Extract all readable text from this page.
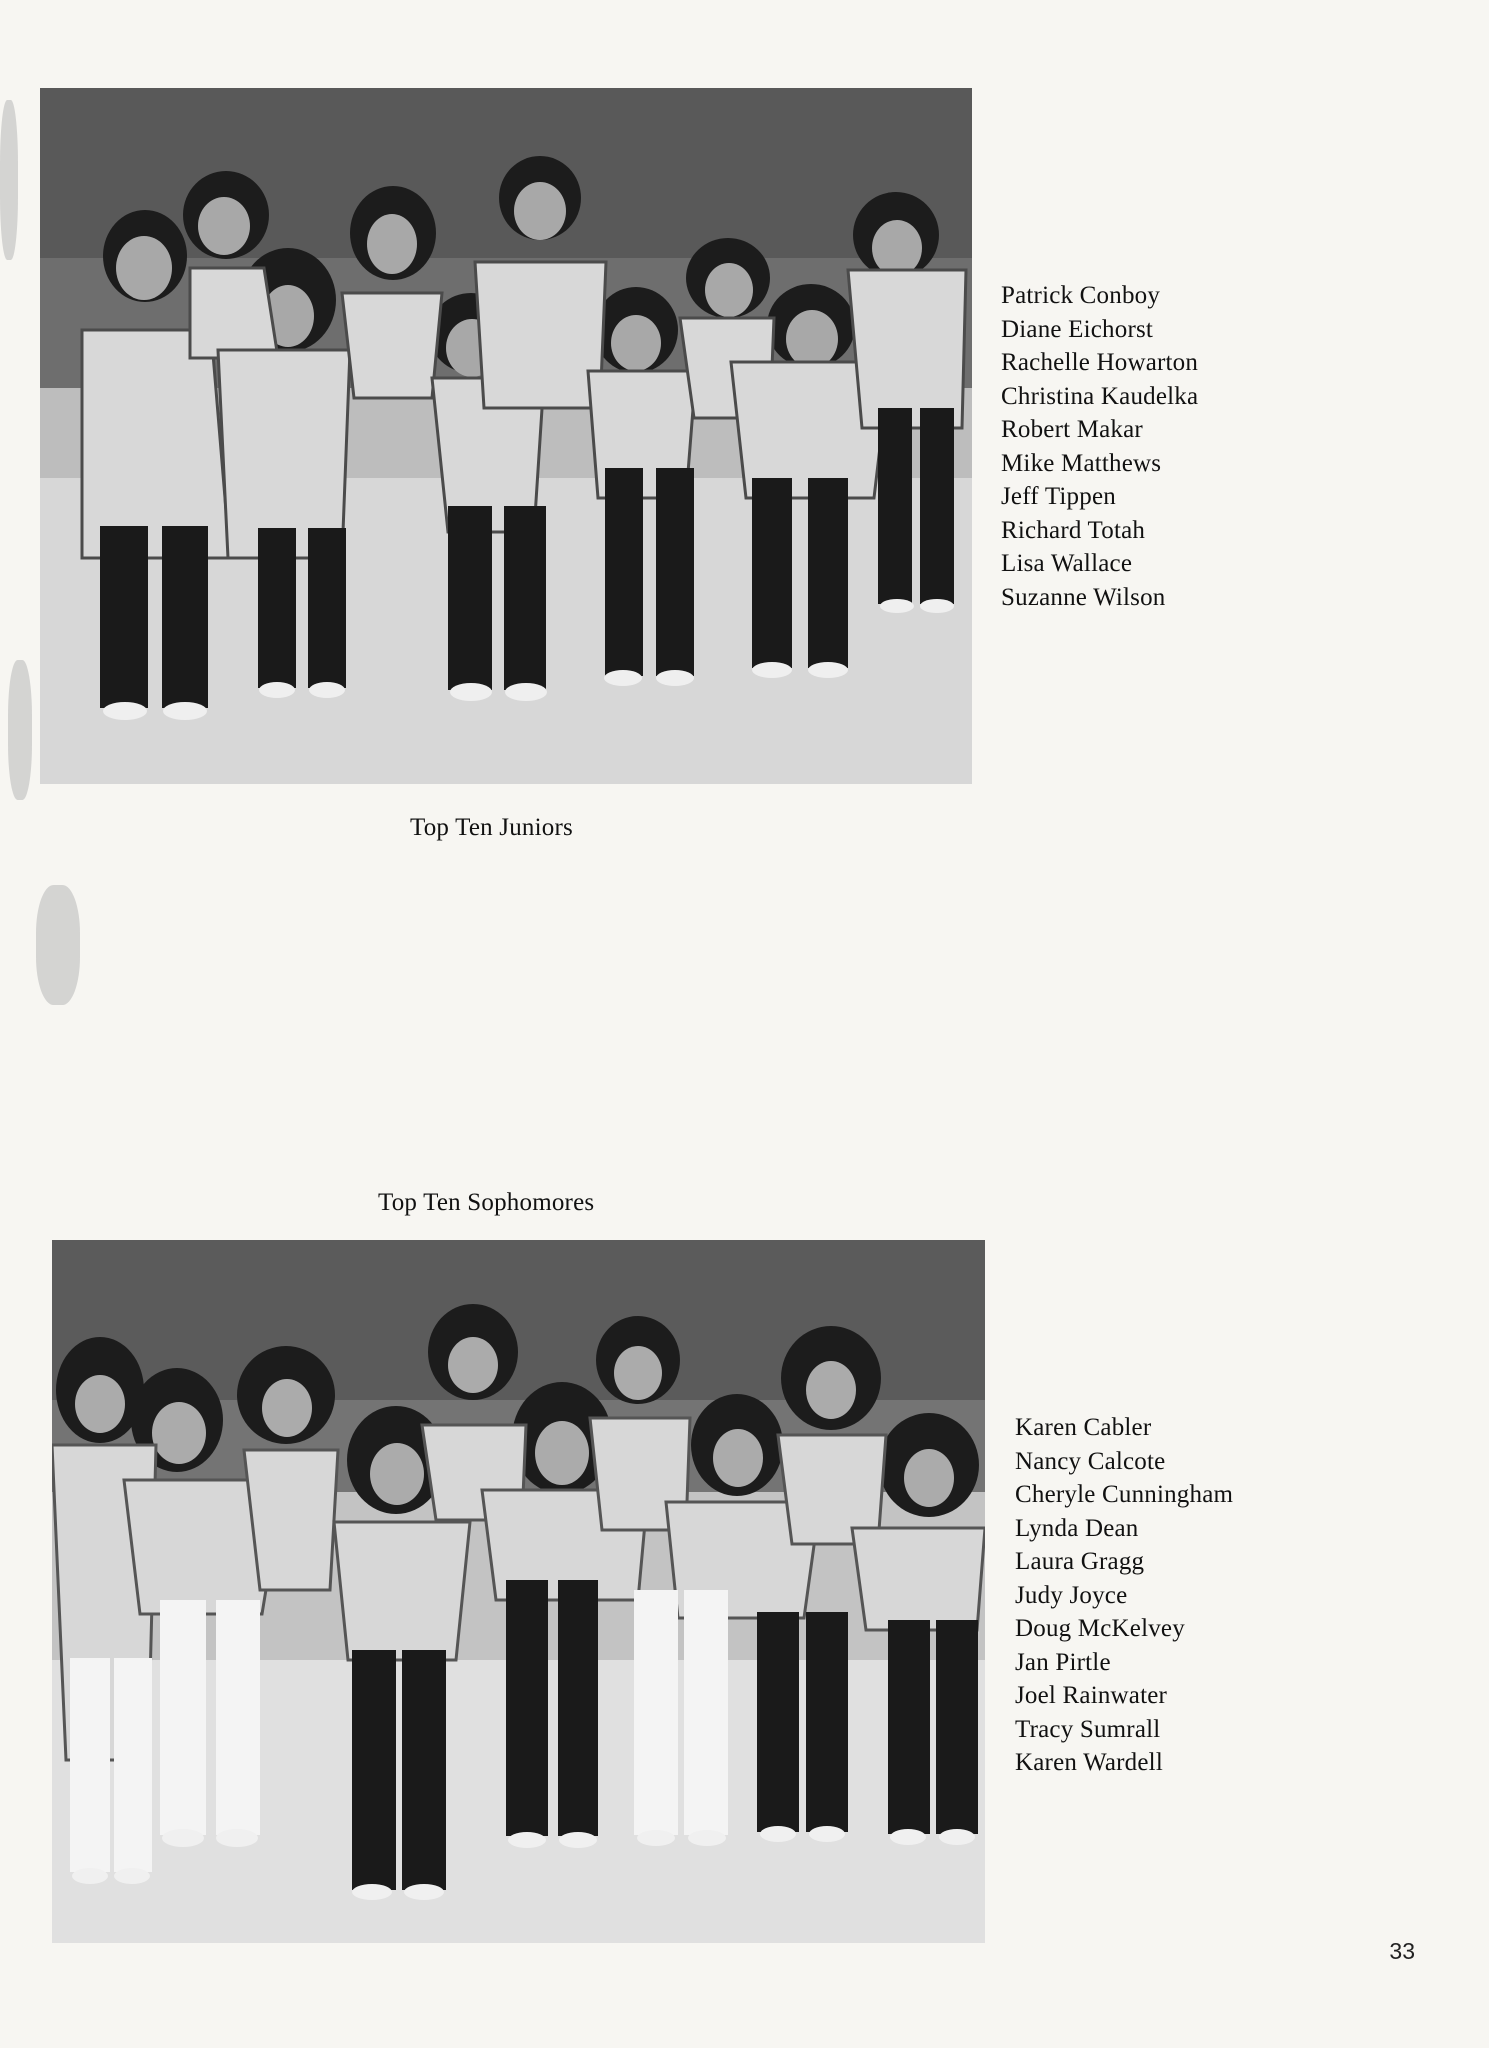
Patrick Conboy
Diane Eichorst
Rachelle Howarton
Christina Kaudelka
Robert Makar
Mike Matthews
Jeff Tippen
Richard Totah
Lisa Wallace
Suzanne Wilson
Top Ten Juniors
Top Ten Sophomores
Karen Cabler
Nancy Calcote
Cheryle Cunningham
Lynda Dean
Laura Gragg
Judy Joyce
Doug McKelvey
Jan Pirtle
Joel Rainwater
Tracy Sumrall
Karen Wardell
33
